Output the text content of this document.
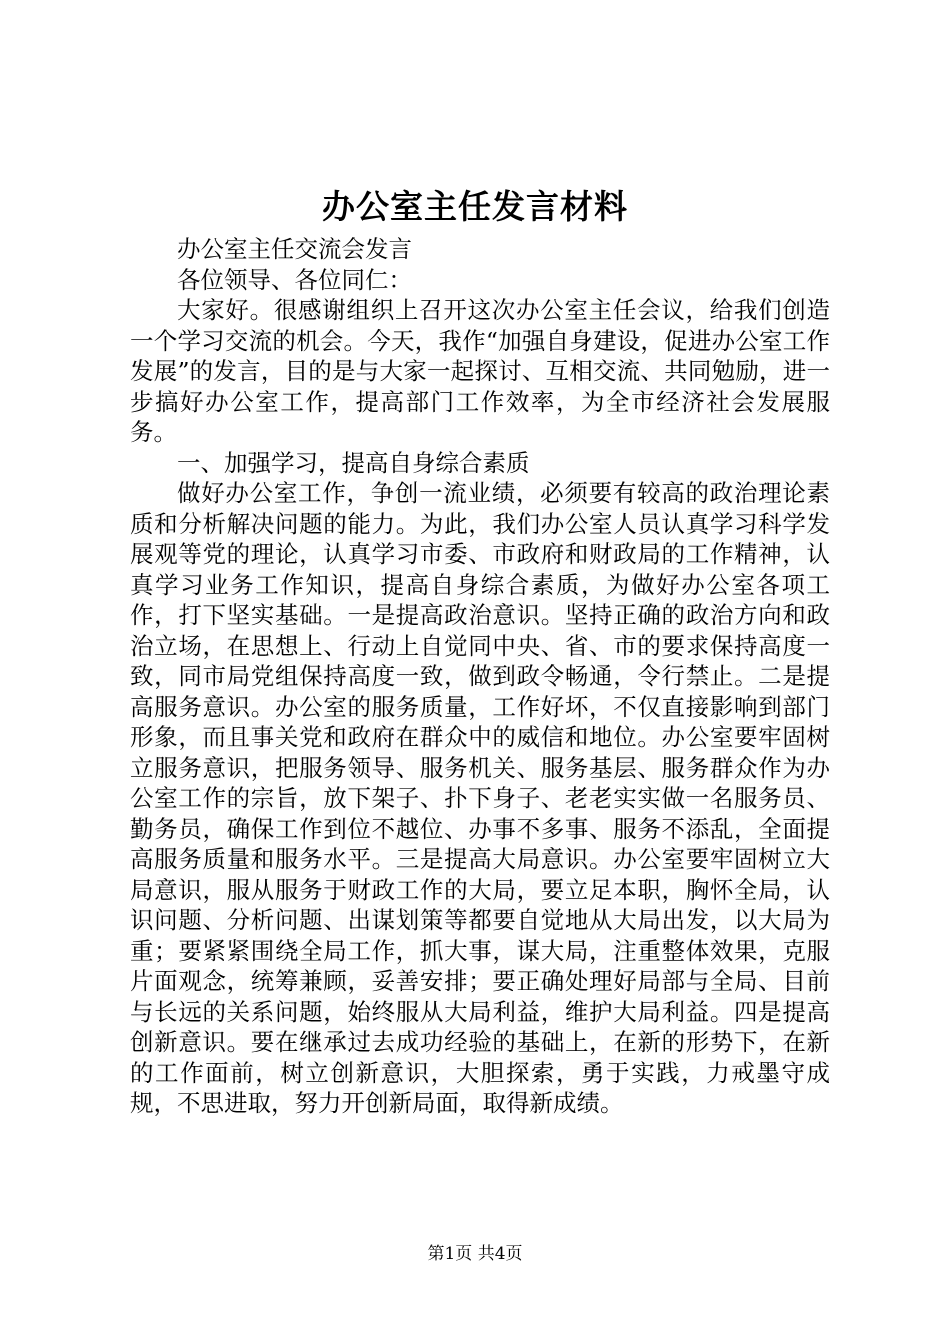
办公室主任发言材料

办公室主任交流会发言

各位领导、各位同仁：

大家好。很感谢组织上召开这次办公室主任会议，给我们创造一个学习交流的机会。今天，我作“加强自身建设，促进办公室工作发展”的发言，目的是与大家一起探讨、互相交流、共同勉励，进一步搞好办公室工作，提高部门工作效率，为全市经济社会发展服务。

一、加强学习，提高自身综合素质

做好办公室工作，争创一流业绩，必须要有较高的政治理论素质和分析解决问题的能力。为此，我们办公室人员认真学习科学发展观等党的理论，认真学习市委、市政府和财政局的工作精神，认真学习业务工作知识，提高自身综合素质，为做好办公室各项工作，打下坚实基础。一是提高政治意识。坚持正确的政治方向和政治立场，在思想上、行动上自觉同中央、省、市的要求保持高度一致，同市局党组保持高度一致，做到政令畅通，令行禁止。二是提高服务意识。办公室的服务质量，工作好坏，不仅直接影响到部门形象，而且事关党和政府在群众中的威信和地位。办公室要牢固树立服务意识，把服务领导、服务机关、服务基层、服务群众作为办公室工作的宗旨，放下架子、扑下身子、老老实实做一名服务员、勤务员，确保工作到位不越位、办事不多事、服务不添乱，全面提高服务质量和服务水平。三是提高大局意识。办公室要牢固树立大局意识，服从服务于财政工作的大局，要立足本职，胸怀全局，认识问题、分析问题、出谋划策等都要自觉地从大局出发，以大局为重；要紧紧围绕全局工作，抓大事，谋大局，注重整体效果，克服片面观念，统筹兼顾，妥善安排；要正确处理好局部与全局、目前与长远的关系问题，始终服从大局利益，维护大局利益。四是提高创新意识。要在继承过去成功经验的基础上，在新的形势下，在新的工作面前，树立创新意识，大胆探索，勇于实践，力戒墨守成规，不思进取，努力开创新局面，取得新成绩。

第1页 共4页
